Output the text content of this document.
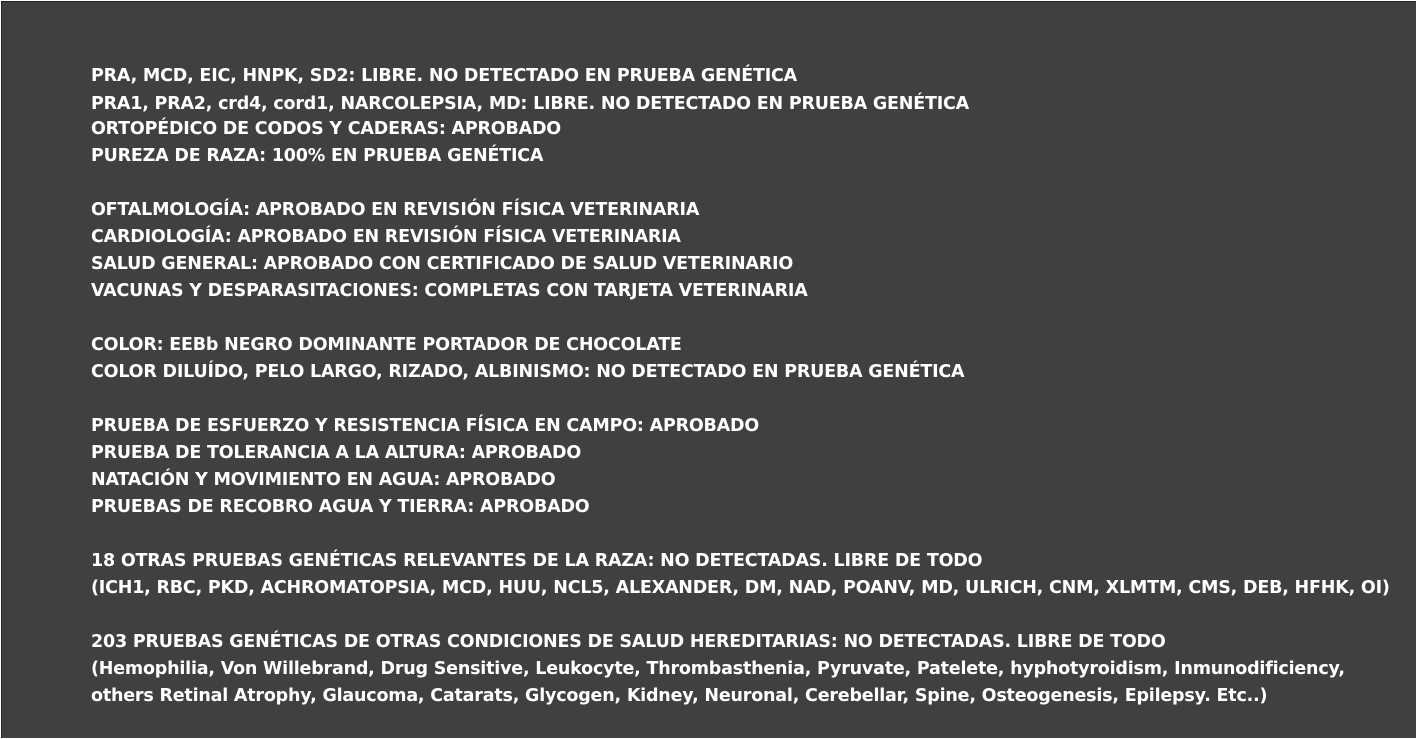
PRA, MCD, EIC, HNPK, SD2: LIBRE. NO DETECTADO EN PRUEBA GENÉTICA
PRA1, PRA2, crd4, cord1, NARCOLEPSIA, MD: LIBRE. NO DETECTADO EN PRUEBA GENÉTICA
ORTOPÉDICO DE CODOS Y CADERAS: APROBADO
PUREZA DE RAZA: 100% EN PRUEBA GENÉTICA
OFTALMOLOGÍA: APROBADO EN REVISIÓN FÍSICA VETERINARIA
CARDIOLOGÍA: APROBADO EN REVISIÓN FÍSICA VETERINARIA
SALUD GENERAL: APROBADO CON CERTIFICADO DE SALUD VETERINARIO
VACUNAS Y DESPARASITACIONES: COMPLETAS CON TARJETA VETERINARIA
COLOR: EEBb NEGRO DOMINANTE PORTADOR DE CHOCOLATE
COLOR DILUÍDO, PELO LARGO, RIZADO, ALBINISMO: NO DETECTADO EN PRUEBA GENÉTICA
PRUEBA DE ESFUERZO Y RESISTENCIA FÍSICA EN CAMPO: APROBADO
PRUEBA DE TOLERANCIA A LA ALTURA: APROBADO
NATACIÓN Y MOVIMIENTO EN AGUA: APROBADO
PRUEBAS DE RECOBRO AGUA Y TIERRA: APROBADO
18 OTRAS PRUEBAS GENÉTICAS RELEVANTES DE LA RAZA: NO DETECTADAS. LIBRE DE TODO
(ICH1, RBC, PKD, ACHROMATOPSIA, MCD, HUU, NCL5, ALEXANDER, DM, NAD, POANV, MD, ULRICH, CNM, XLMTM, CMS, DEB, HFHK, OI)
203 PRUEBAS GENÉTICAS DE OTRAS CONDICIONES DE SALUD HEREDITARIAS: NO DETECTADAS. LIBRE DE TODO
(Hemophilia, Von Willebrand, Drug Sensitive, Leukocyte, Thrombasthenia, Pyruvate, Patelete, hyphotyroidism, Inmunodificiency,
others Retinal Atrophy, Glaucoma, Catarats, Glycogen, Kidney, Neuronal, Cerebellar, Spine, Osteogenesis, Epilepsy. Etc..)
